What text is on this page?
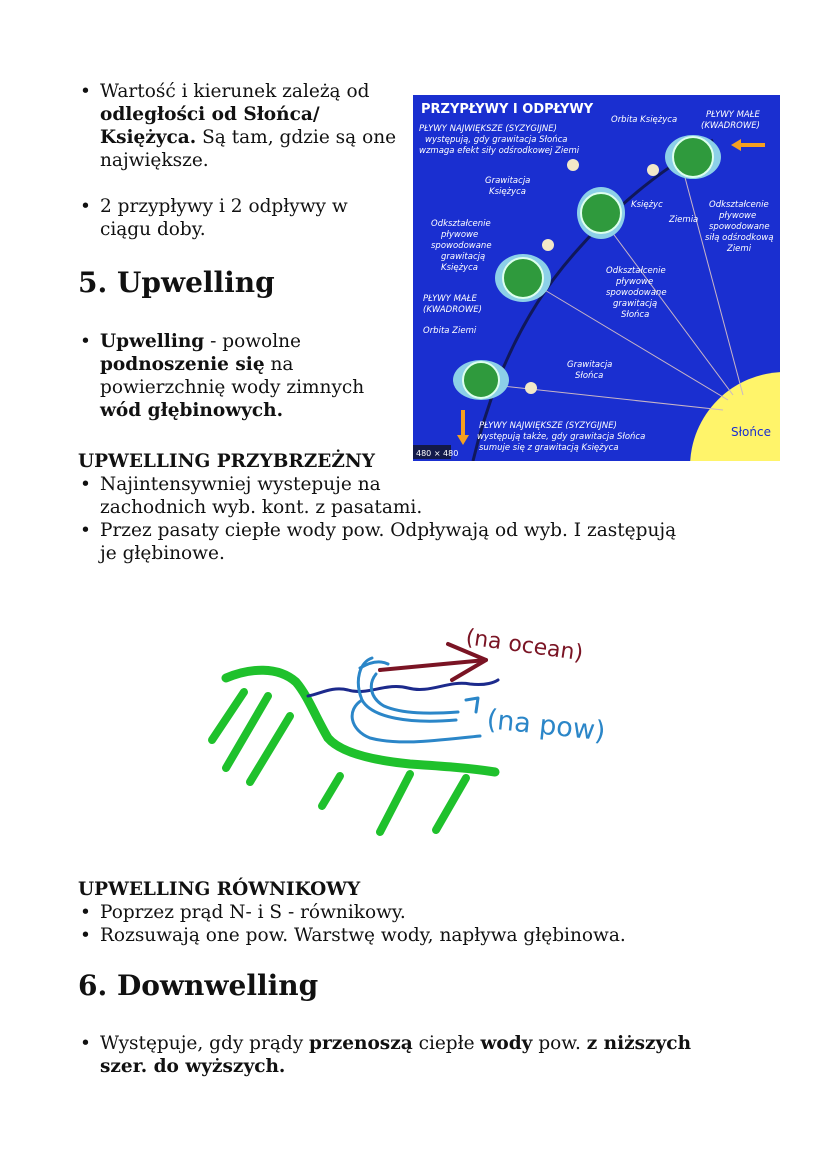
• Wartość i kierunek zależą od odległości od Słońca/ Księżyca. Są tam, gdzie są one największe.
• 2 przypływy i 2 odpływy w ciągu doby.
5. Upwelling
• Upwelling - powolne podnoszenie się na powierzchnię wody zimnych wód głębinowych.
UPWELLING PRZYBRZEŻNY
• Najintensywniej wystepuje na zachodnich wyb. kont. z pasatami.
• Przez pasaty ciepłe wody pow. Odpływają od wyb. I zastępują je głębinowe.
PRZYPŁYWY I ODPŁYWY
PŁYWY NAJWIĘKSZE (SYZYGIJNE)
występują, gdy grawitacja Słońca
wzmaga efekt siły odśrodkowej Ziemi
Orbita Księżyca	PŁYWY MAŁE
(KWADROWE)
Grawitacja
Księżyca
Księżyc
Ziemia
Odkształcenie
pływowe
spowodowane
siłą odśrodkową
Ziemi
Odkształcenie
pływowe
spowodowane
grawitacją
Księżyca	Odkształcenie
pływowe
spowodowane
grawitacją
Słońca
PŁYWY MAŁE
(KWADROWE)
Orbita Ziemi
Grawitacja
Słońca
PŁYWY NAJWIĘKSZE (SYZYGIJNE)
występują także, gdy grawitacja Słońca
sumuje się z grawitacją Księżyca
Słońce
480 × 480
(na ocean)
(na pow)
UPWELLING RÓWNIKOWY
• Poprzez prąd N- i S - równikowy.
• Rozsuwają one pow. Warstwę wody, napływa głębinowa.
6. Downwelling
• Występuje, gdy prądy przenoszą ciepłe wody pow. z niższych szer. do wyższych.
